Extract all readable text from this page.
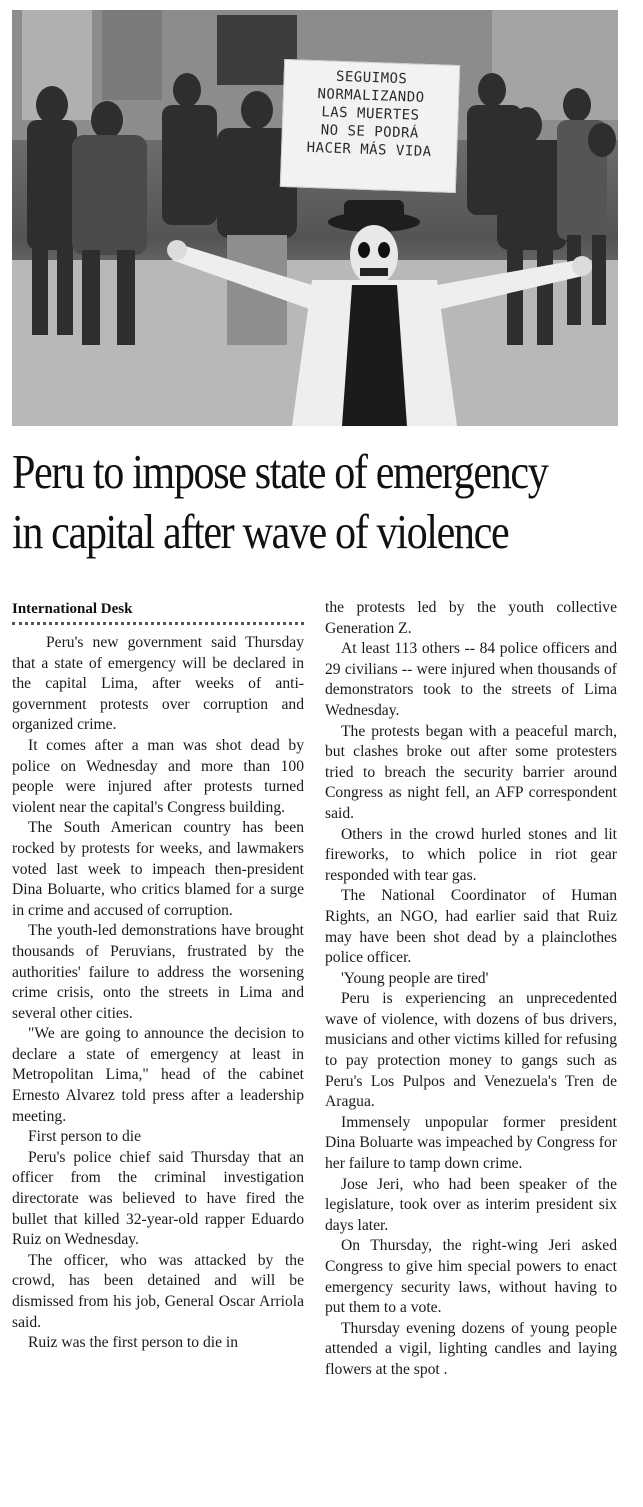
SEGUIMOS
NORMALIZANDO
LAS MUERTES
NO SE PODRÁ
HACER MÁS VIDA
Peru to impose state of emergency
in capital after wave of violence
International Desk

Peru's new government said Thursday that a state of emergency will be declared in the capital Lima, after weeks of anti-government protests over corruption and organized crime.

It comes after a man was shot dead by police on Wednesday and more than 100 people were injured after protests turned violent near the capital's Congress building.

The South American country has been rocked by protests for weeks, and lawmakers voted last week to impeach then-president Dina Boluarte, who critics blamed for a surge in crime and accused of corruption.

The youth-led demonstrations have brought thousands of Peruvians, frustrated by the authorities' failure to address the worsening crime crisis, onto the streets in Lima and several other cities.

"We are going to announce the decision to declare a state of emergency at least in Metropolitan Lima," head of the cabinet Ernesto Alvarez told press after a leadership meeting.

First person to die

Peru's police chief said Thursday that an officer from the criminal investigation directorate was believed to have fired the bullet that killed 32-year-old rapper Eduardo Ruiz on Wednesday.

The officer, who was attacked by the crowd, has been detained and will be dismissed from his job, General Oscar Arriola said.

Ruiz was the first person to die in

the protests led by the youth collective Generation Z.

At least 113 others -- 84 police officers and 29 civilians -- were injured when thousands of demonstrators took to the streets of Lima Wednesday.

The protests began with a peaceful march, but clashes broke out after some protesters tried to breach the security barrier around Congress as night fell, an AFP correspondent said.

Others in the crowd hurled stones and lit fireworks, to which police in riot gear responded with tear gas.

The National Coordinator of Human Rights, an NGO, had earlier said that Ruiz may have been shot dead by a plainclothes police officer.

'Young people are tired'

Peru is experiencing an unprecedented wave of violence, with dozens of bus drivers, musicians and other victims killed for refusing to pay protection money to gangs such as Peru's Los Pulpos and Venezuela's Tren de Aragua.

Immensely unpopular former president Dina Boluarte was impeached by Congress for her failure to tamp down crime.

Jose Jeri, who had been speaker of the legislature, took over as interim president six days later.

On Thursday, the right-wing Jeri asked Congress to give him special powers to enact emergency security laws, without having to put them to a vote.

Thursday evening dozens of young people attended a vigil, lighting candles and laying flowers at the spot .
